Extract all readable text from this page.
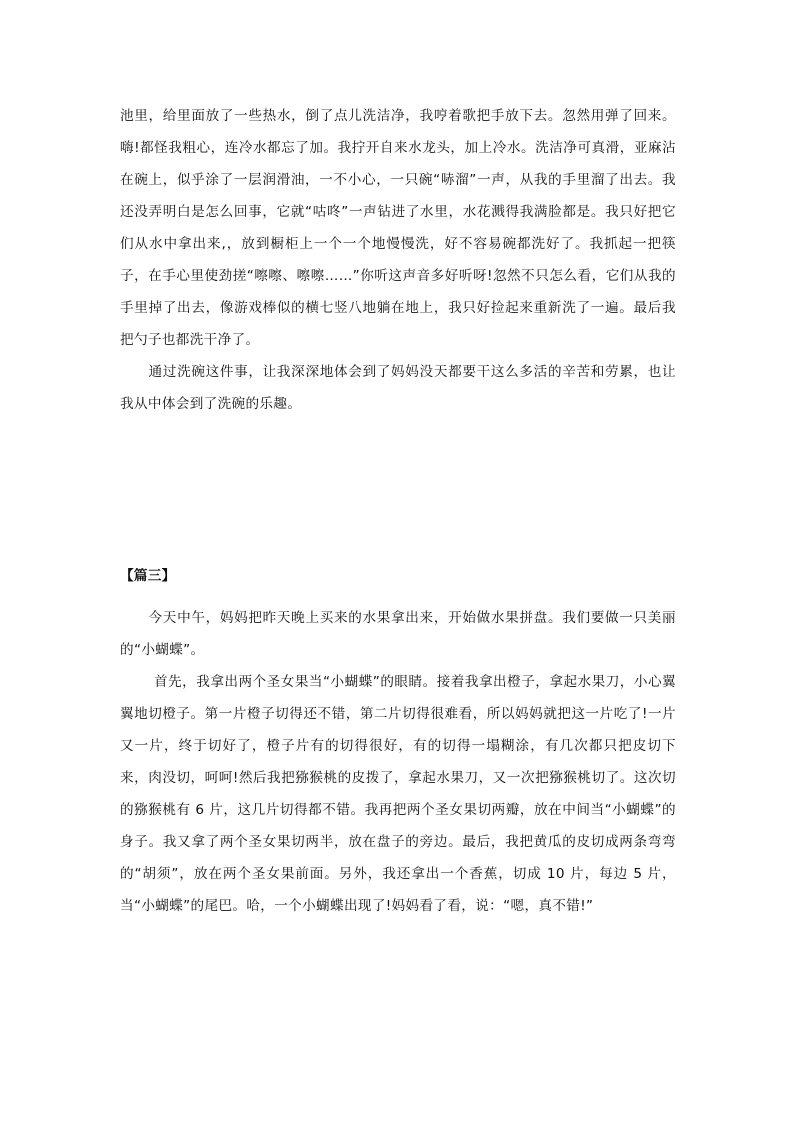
池里，给里面放了一些热水，倒了点儿洗洁净，我哼着歌把手放下去。忽然用弹了回来。嗨!都怪我粗心，连冷水都忘了加。我拧开自来水龙头，加上冷水。洗洁净可真滑，亚麻沾在碗上，似乎涂了一层润滑油，一不小心，一只碗“哧溜”一声，从我的手里溜了出去。我还没弄明白是怎么回事，它就“咕咚”一声钻进了水里，水花溅得我满脸都是。我只好把它们从水中拿出来,，放到橱柜上一个一个地慢慢洗，好不容易碗都洗好了。我抓起一把筷子，在手心里使劲搓“嚓嚓、嚓嚓……”你听这声音多好听呀!忽然不只怎么看，它们从我的手里掉了出去，像游戏棒似的横七竖八地躺在地上，我只好捡起来重新洗了一遍。最后我把勺子也都洗干净了。

通过洗碗这件事，让我深深地体会到了妈妈没天都要干这么多活的辛苦和劳累，也让我从中体会到了洗碗的乐趣。

【篇三】

今天中午，妈妈把昨天晚上买来的水果拿出来，开始做水果拼盘。我们要做一只美丽的“小蝴蝶”。

首先，我拿出两个圣女果当“小蝴蝶”的眼睛。接着我拿出橙子，拿起水果刀，小心翼翼地切橙子。第一片橙子切得还不错，第二片切得很难看，所以妈妈就把这一片吃了!一片又一片，终于切好了，橙子片有的切得很好，有的切得一塌糊涂，有几次都只把皮切下来，肉没切，呵呵!然后我把猕猴桃的皮拨了，拿起水果刀，又一次把猕猴桃切了。这次切的猕猴桃有 6 片，这几片切得都不错。我再把两个圣女果切两瓣，放在中间当“小蝴蝶”的身子。我又拿了两个圣女果切两半，放在盘子的旁边。最后，我把黄瓜的皮切成两条弯弯的“胡须”，放在两个圣女果前面。另外，我还拿出一个香蕉，切成 10 片，每边 5 片，当“小蝴蝶”的尾巴。哈，一个小蝴蝶出现了!妈妈看了看，说：“嗯，真不错!”
